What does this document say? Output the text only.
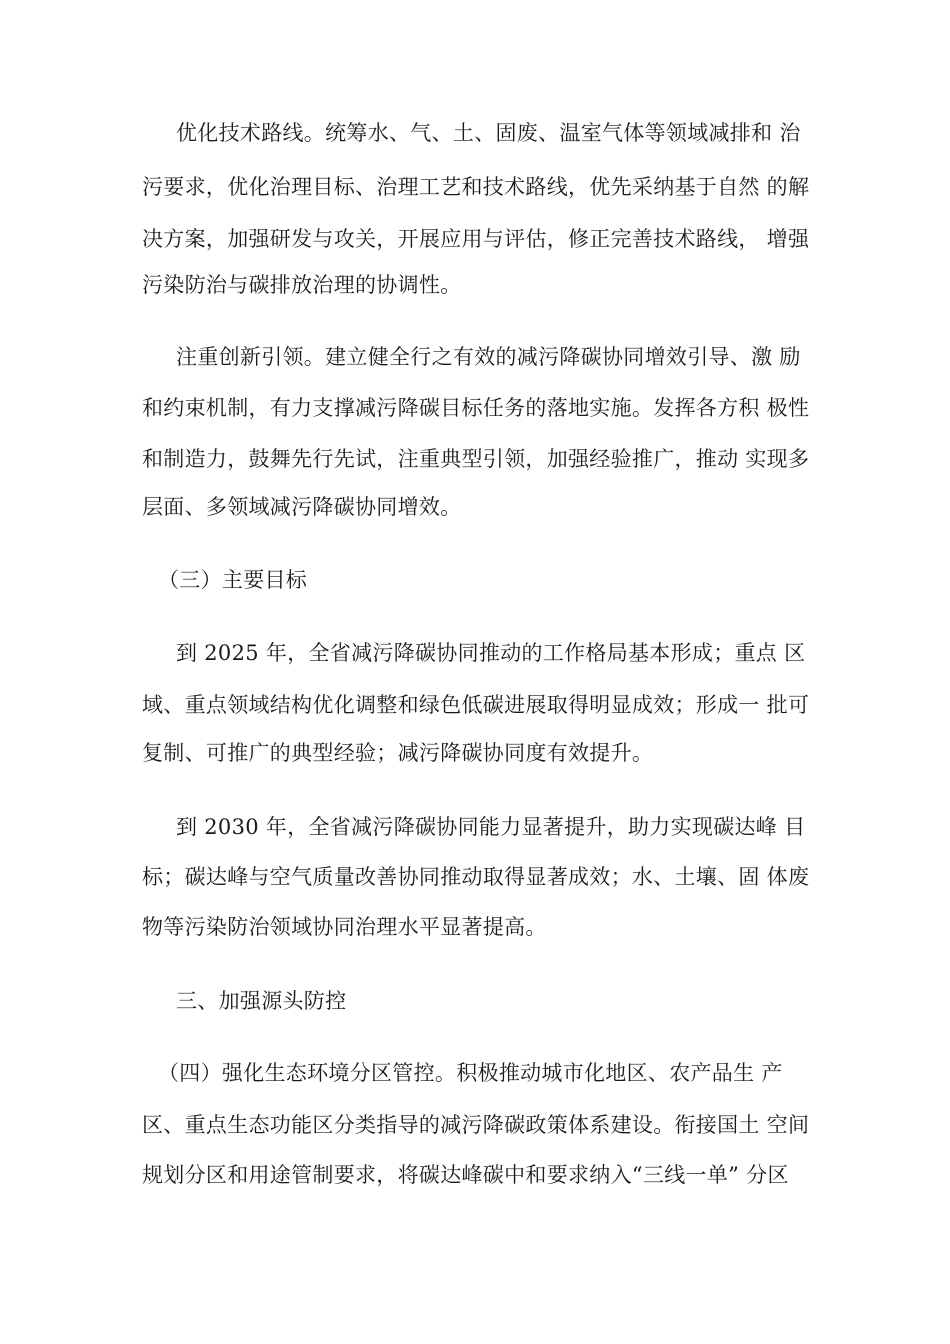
优化技术路线。统筹水、气、土、固废、温室气体等领域减排和 治
污要求，优化治理目标、治理工艺和技术路线，优先采纳基于自然 的解
决方案，加强研发与攻关，开展应用与评估，修正完善技术路线， 增强
污染防治与碳排放治理的协调性。
注重创新引领。建立健全行之有效的减污降碳协同增效引导、激 励
和约束机制，有力支撑减污降碳目标任务的落地实施。发挥各方积 极性
和制造力，鼓舞先行先试，注重典型引领，加强经验推广，推动 实现多
层面、多领域减污降碳协同增效。
（三）主要目标
到 2025 年，全省减污降碳协同推动的工作格局基本形成；重点 区
域、重点领域结构优化调整和绿色低碳进展取得明显成效；形成一 批可
复制、可推广的典型经验；减污降碳协同度有效提升。
到 2030 年，全省减污降碳协同能力显著提升，助力实现碳达峰 目
标；碳达峰与空气质量改善协同推动取得显著成效；水、土壤、固 体废
物等污染防治领域协同治理水平显著提高。
三、加强源头防控
（四）强化生态环境分区管控。积极推动城市化地区、农产品生 产
区、重点生态功能区分类指导的减污降碳政策体系建设。衔接国土 空间
规划分区和用途管制要求，将碳达峰碳中和要求纳入“三线一单” 分区
